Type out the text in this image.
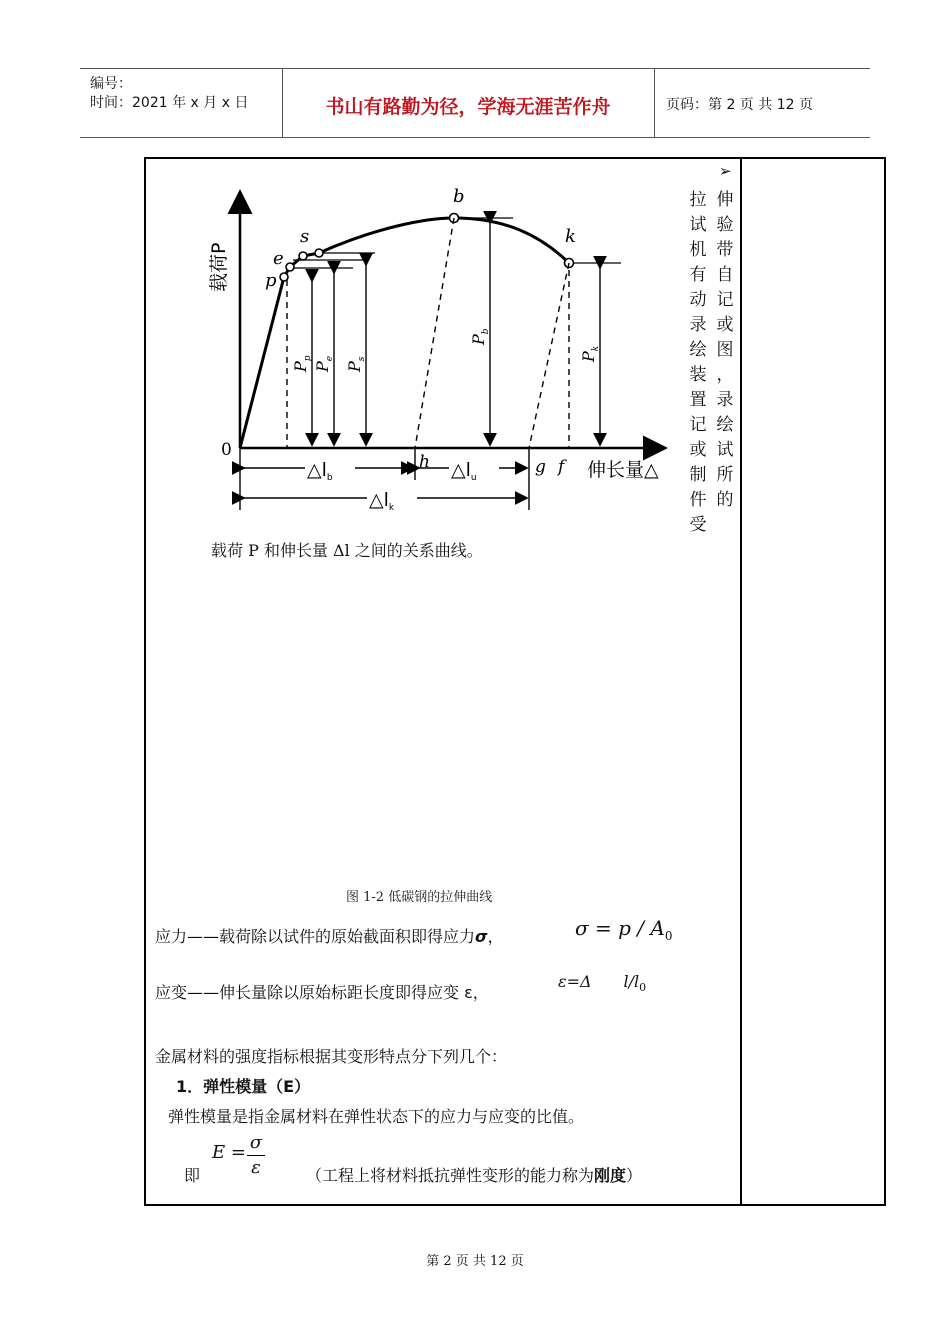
编号：
时间：2021 年 x 月 x 日	书山有路勤为径，学海无涯苦作舟	页码：第 2 页 共 12 页
➢
伸
验
带
自
记
或
图
，
录
绘
试
所
的
拉
试
机
有
动
录
绘
装
置
记
或
制
件
受
p
e
s
b
k
$P_p$
$P_e$
$P_s$
$P_b$
$P_k$
载荷P
0
h	g f 伸长量△
$\triangle l_b$	$\triangle l_u$
$\triangle l_k$
载荷 P 和伸长量 Δl 之间的关系曲线。
图 1-2 低碳钢的拉伸曲线
应力——载荷除以试件的原始截面积即得应力σ，	$\sigma = p / A_0$
应变——伸长量除以原始标距长度即得应变 ε，
ε=Δ $l/l_0$
金属材料的强度指标根据其变形特点分下列几个：
1．弹性模量（E）
弹性模量是指金属材料在弹性状态下的应力与应变的比值。
即
E = σ
ε	（工程上将材料抵抗弹性变形的能力称为刚度）
第 2 页 共 12 页
